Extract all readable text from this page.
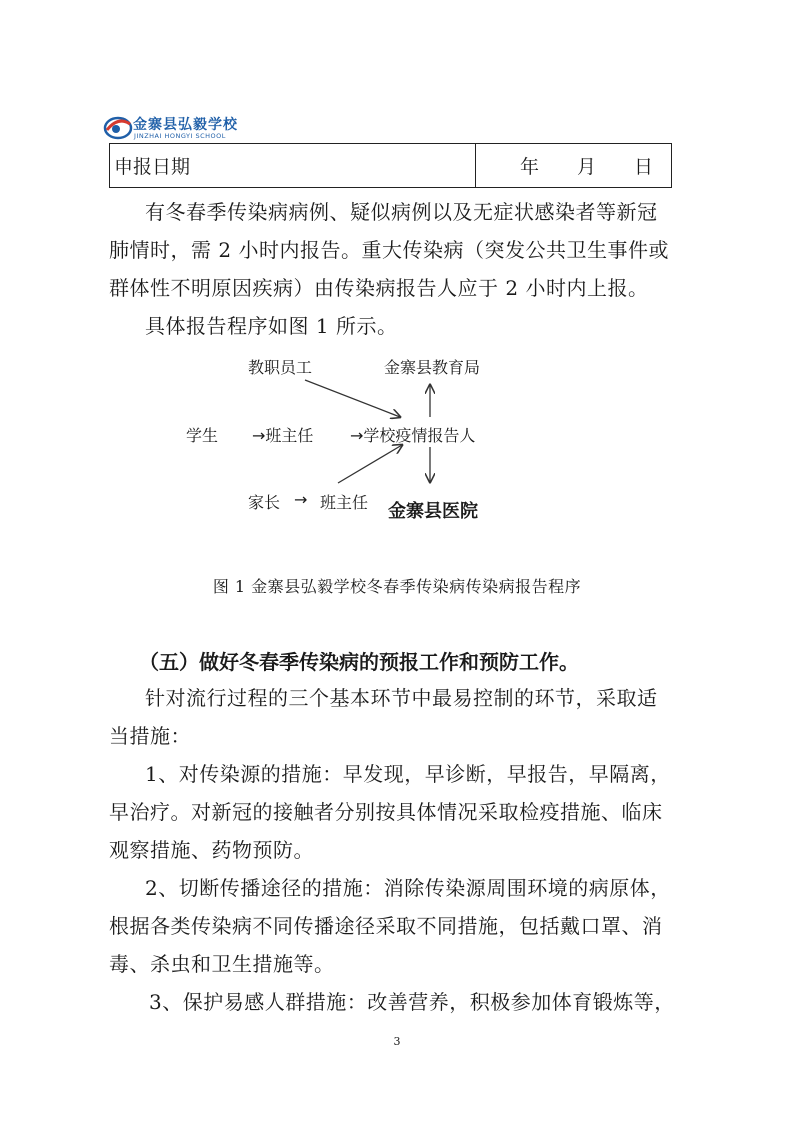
金寨县弘毅学校
JINZHAI HONGYI SCHOOL
申报日期	年 月 日
有冬春季传染病病例、疑似病例以及无症状感染者等新冠
肺情时，需 2 小时内报告。重大传染病（突发公共卫生事件或
群体性不明原因疾病）由传染病报告人应于 2 小时内上报。
具体报告程序如图 1 所示。
教职员工	金寨县教育局
学生 →班主任 →学校疫情报告人
家长 → 班主任 金寨县医院
图 1 金寨县弘毅学校冬春季传染病传染病报告程序
（五）做好冬春季传染病的预报工作和预防工作。
针对流行过程的三个基本环节中最易控制的环节，采取适
当措施：
1、对传染源的措施：早发现，早诊断，早报告，早隔离，
早治疗。对新冠的接触者分别按具体情况采取检疫措施、临床
观察措施、药物预防。
2、切断传播途径的措施：消除传染源周围环境的病原体，
根据各类传染病不同传播途径采取不同措施，包括戴口罩、消
毒、杀虫和卫生措施等。
3、保护易感人群措施：改善营养，积极参加体育锻炼等，
3
